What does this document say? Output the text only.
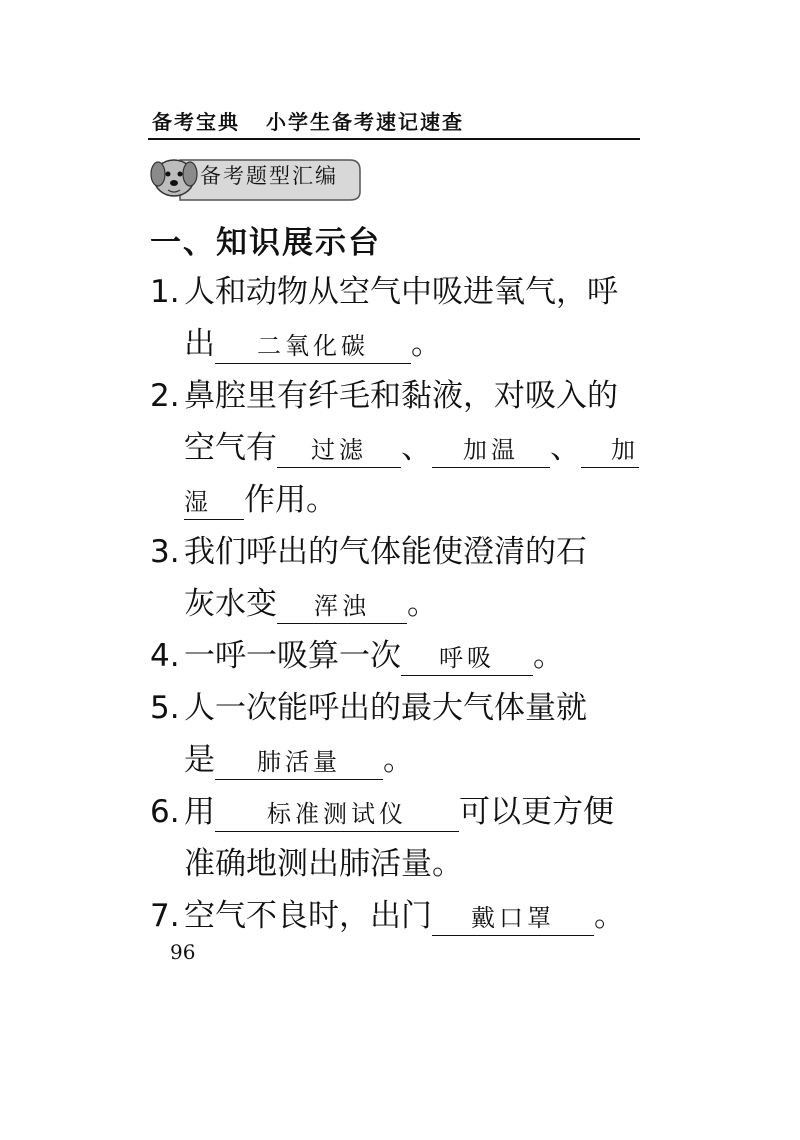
备考宝典 小学生备考速记速查
备考题型汇编
一、知识展示台
1. 人和动物从空气中吸进氧气，呼
出 二氧化碳 。
2. 鼻腔里有纤毛和黏液，对吸入的
空气有 过滤 、 加温 、 加
湿 作用。
3. 我们呼出的气体能使澄清的石
灰水变 浑浊 。
4. 一呼一吸算一次 呼吸 。
5. 人一次能呼出的最大气体量就
是 肺活量 。
6. 用 标准测试仪 可以更方便
准确地测出肺活量。
7. 空气不良时，出门 戴口罩 。
96
